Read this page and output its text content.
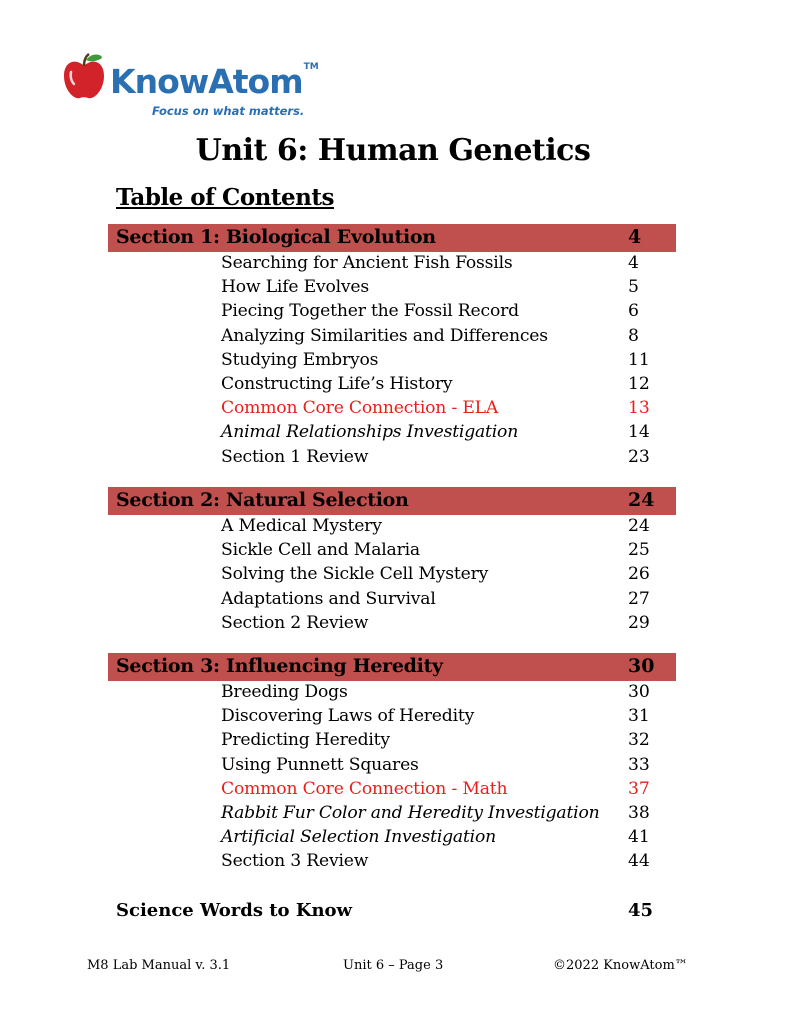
KnowAtom™
Focus on what matters.
Unit 6: Human Genetics
Table of Contents
Section 1: Biological Evolution	4
Searching for Ancient Fish Fossils	4
How Life Evolves	5
Piecing Together the Fossil Record	6
Analyzing Similarities and Differences	8
Studying Embryos	11
Constructing Life’s History	12
Common Core Connection - ELA	13
Animal Relationships Investigation	14
Section 1 Review	23
Section 2: Natural Selection	24
A Medical Mystery	24
Sickle Cell and Malaria	25
Solving the Sickle Cell Mystery	26
Adaptations and Survival	27
Section 2 Review	29
Section 3: Influencing Heredity	30
Breeding Dogs	30
Discovering Laws of Heredity	31
Predicting Heredity	32
Using Punnett Squares	33
Common Core Connection - Math	37
Rabbit Fur Color and Heredity Investigation 38
Artificial Selection Investigation	41
Section 3 Review	44
Science Words to Know	45
M8 Lab Manual v. 3.1	Unit 6 – Page 3	©2022 KnowAtom™
